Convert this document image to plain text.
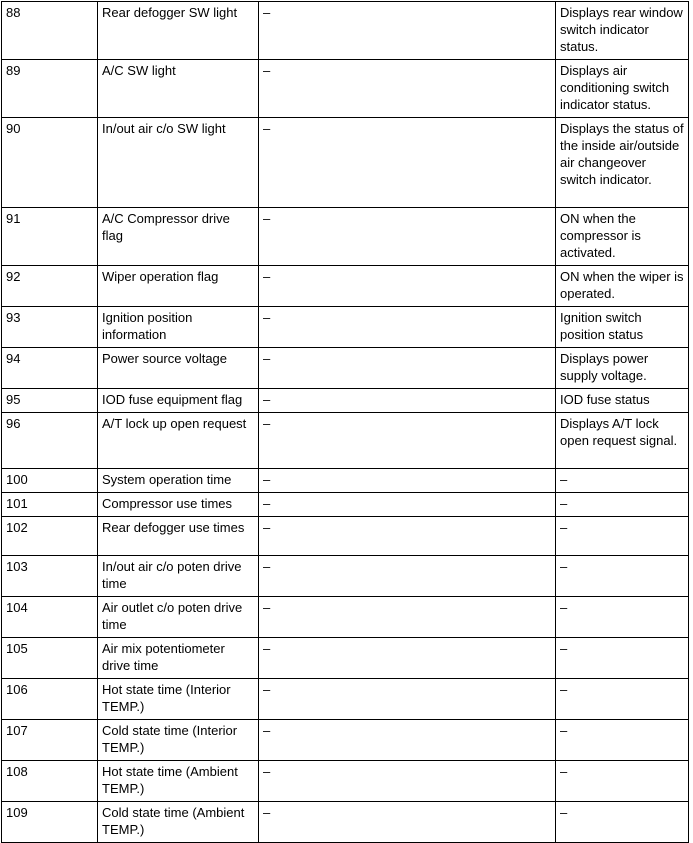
88	Rear defogger SW light	–	Displays rear window switch indicator status.
89	A/C SW light	–	Displays air conditioning switch indicator status.
90	In/out air c/o SW light	–	Displays the status of the inside air/outside air changeover switch indicator.
91	A/C Compressor drive flag	–	ON when the compressor is activated.
92	Wiper operation flag	–	ON when the wiper is operated.
93	Ignition position information	–	Ignition switch position status
94	Power source voltage	–	Displays power supply voltage.
95	IOD fuse equipment flag	–	IOD fuse status
96	A/T lock up open request	–	Displays A/T lock open request signal.
100	System operation time	–	–
101	Compressor use times	–	–
102	Rear defogger use times	–	–
103	In/out air c/o poten drive time	–	–
104	Air outlet c/o poten drive time	–	–
105	Air mix potentiometer drive time	–	–
106	Hot state time (Interior TEMP.)	–	–
107	Cold state time (Interior TEMP.)	–	–
108	Hot state time (Ambient TEMP.)	–	–
109	Cold state time (Ambient TEMP.)	–	–
